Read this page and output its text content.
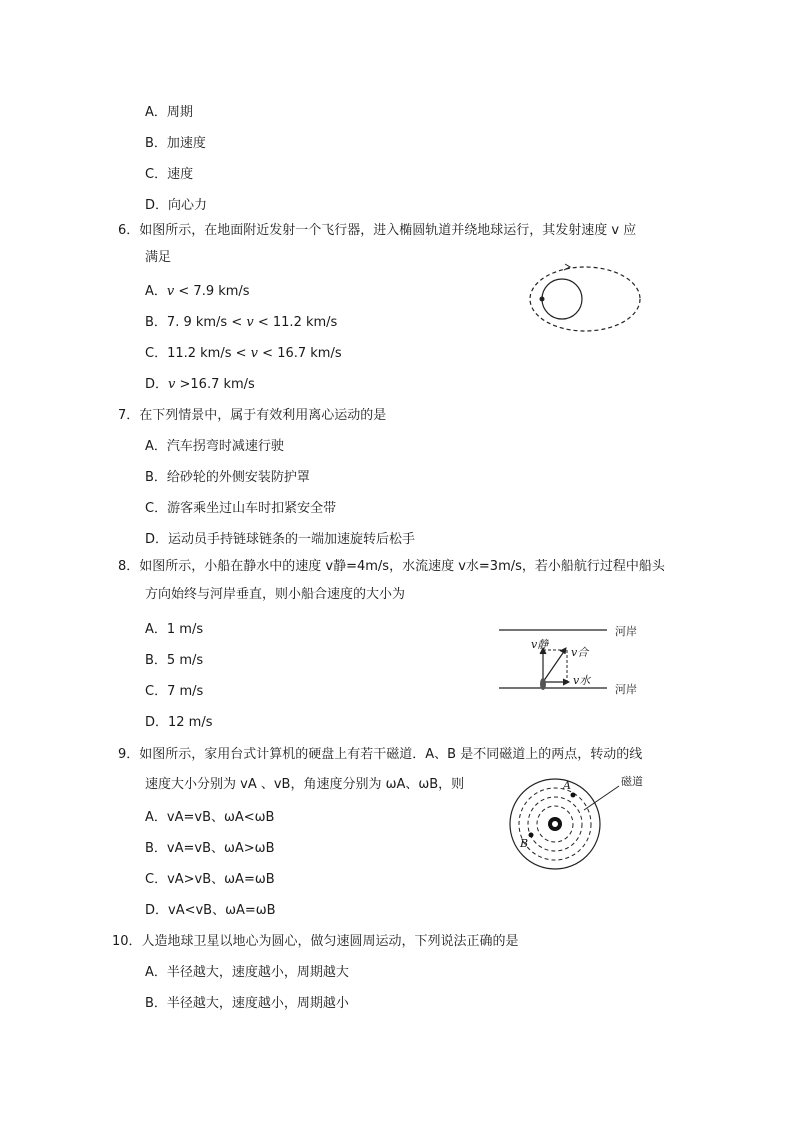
A．周期
B．加速度
C．速度
D．向心力
6．如图所示，在地面附近发射一个飞行器，进入椭圆轨道并绕地球运行，其发射速度 v 应
满足
A．v < 7.9 km/s
B．7. 9 km/s < v < 11.2 km/s
C．11.2 km/s < v < 16.7 km/s
D．v >16.7 km/s
7．在下列情景中，属于有效利用离心运动的是
A．汽车拐弯时减速行驶
B．给砂轮的外侧安装防护罩
C．游客乘坐过山车时扣紧安全带
D．运动员手持链球链条的一端加速旋转后松手
8．如图所示，小船在静水中的速度 v静=4m/s，水流速度 v水=3m/s，若小船航行过程中船头
方向始终与河岸垂直，则小船合速度的大小为
A．1 m/s
B．5 m/s
C．7 m/s
D．12 m/s
河岸
河岸
v静
v合
v水
9．如图所示，家用台式计算机的硬盘上有若干磁道．A、B 是不同磁道上的两点，转动的线
速度大小分别为 vA 、vB，角速度分别为 ωA、ωB，则
A．vA=vB、ωA<ωB
B．vA=vB、ωA>ωB
C．vA>vB、ωA=ωB
D．vA<vB、ωA=ωB
磁道
A
B
10．人造地球卫星以地心为圆心，做匀速圆周运动，下列说法正确的是
A．半径越大，速度越小，周期越大
B．半径越大，速度越小，周期越小
